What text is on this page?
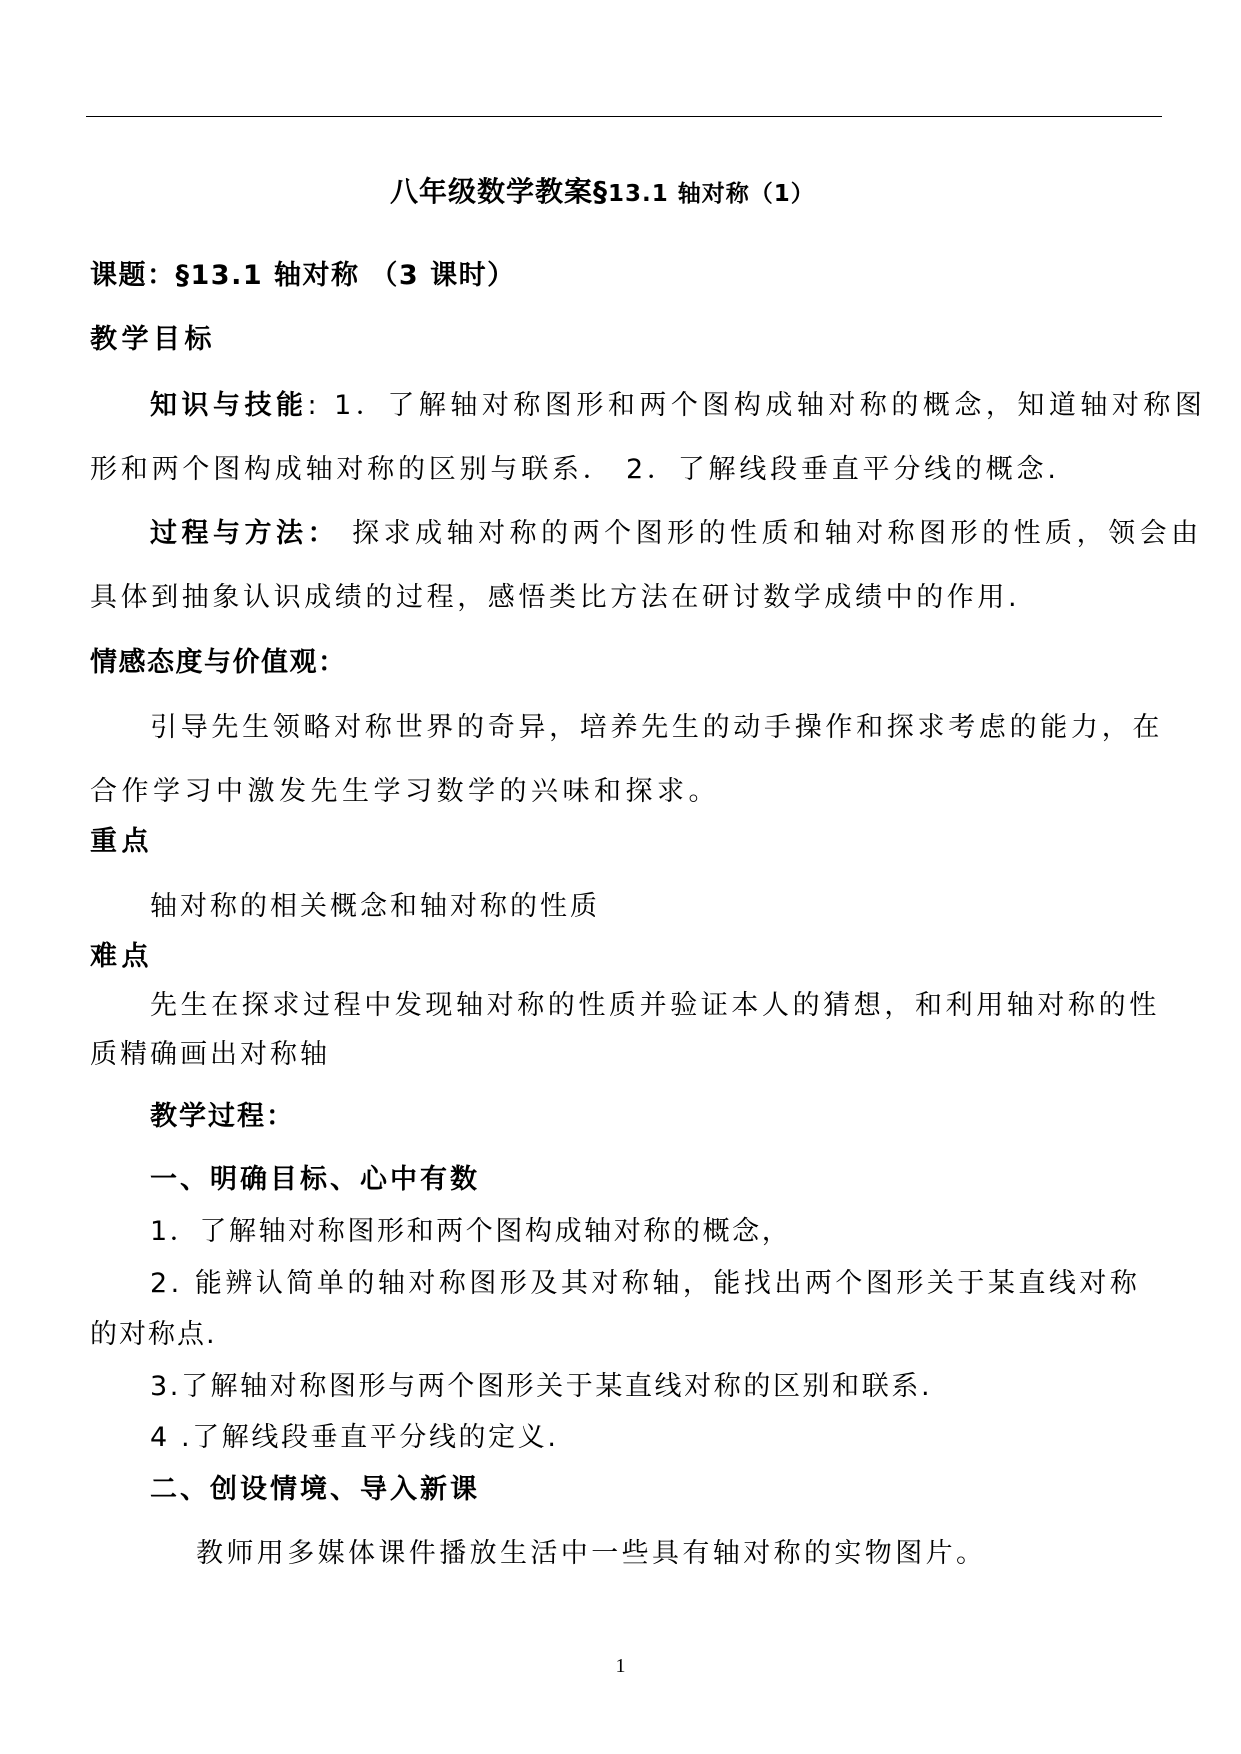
八年级数学教案§13.1 轴对称（1）
课题：§13.1 轴对称 （3 课时）
教学目标
知识与技能: 1．了解轴对称图形和两个图构成轴对称的概念，知道轴对称图
形和两个图构成轴对称的区别与联系． 2．了解线段垂直平分线的概念.
过程与方法： 探求成轴对称的两个图形的性质和轴对称图形的性质，领会由
具体到抽象认识成绩的过程，感悟类比方法在研讨数学成绩中的作用.
情感态度与价值观：
引导先生领略对称世界的奇异，培养先生的动手操作和探求考虑的能力，在
合作学习中激发先生学习数学的兴味和探求。
重点
轴对称的相关概念和轴对称的性质
难点
先生在探求过程中发现轴对称的性质并验证本人的猜想，和利用轴对称的性
质精确画出对称轴
教学过程：
一、明确目标、心中有数
1．了解轴对称图形和两个图构成轴对称的概念，
2. 能辨认简单的轴对称图形及其对称轴，能找出两个图形关于某直线对称
的对称点.
3.了解轴对称图形与两个图形关于某直线对称的区别和联系.
4 .了解线段垂直平分线的定义.
二、创设情境、导入新课
教师用多媒体课件播放生活中一些具有轴对称的实物图片。
1
